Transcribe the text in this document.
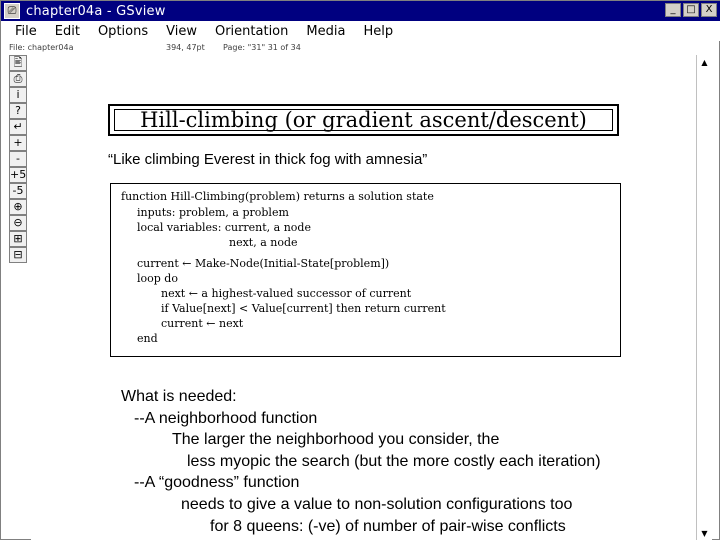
⎚ chapter04a - GSview	_	□ X
File	Edit	Options	View	Orientation	Media	Help
File: chapter04a	394, 47pt Page: "31" 31 of 34
🖹
⎙
i
?
↵
+
-
+5
-5
⊕
⊖
⊞
⊟
Hill-climbing (or gradient ascent/descent)
“Like climbing Everest in thick fog with amnesia”
function Hill-Climbing(problem) returns a solution state
inputs: problem, a problem
local variables: current, a node
next, a node
current ← Make-Node(Initial-State[problem])
loop do
next ← a highest-valued successor of current
if Value[next] < Value[current] then return current
current ← next
end
What is needed:
--A neighborhood function
The larger the neighborhood you consider, the
less myopic the search (but the more costly each iteration)
--A “goodness” function
needs to give a value to non-solution configurations too
for 8 queens: (-ve) of number of pair-wise conflicts
▲
▼
